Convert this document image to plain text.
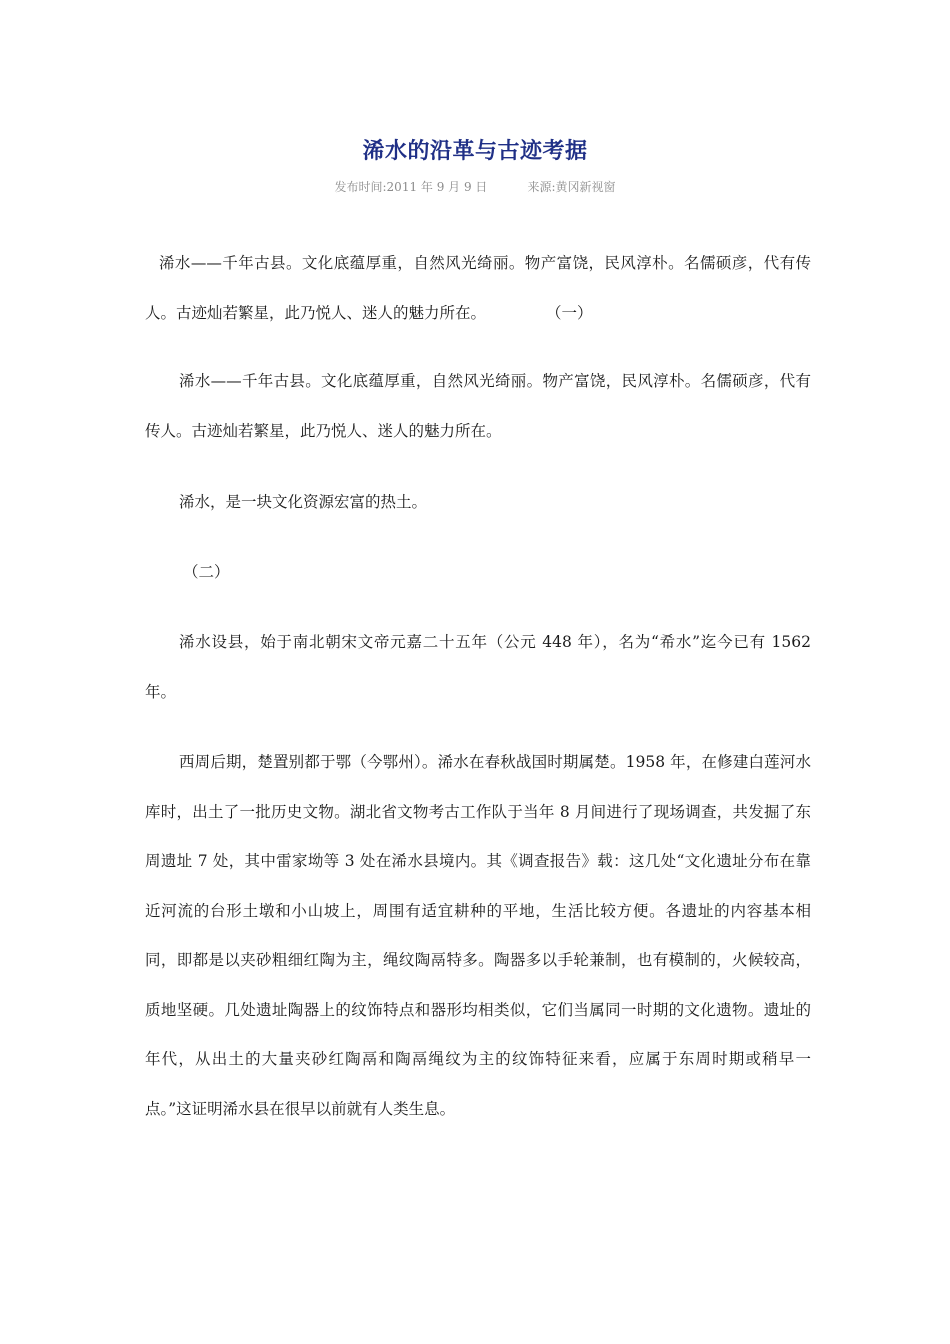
浠水的沿革与古迹考据
发布时间:2011 年 9 月 9 日	来源:黄冈新视窗

浠水——千年古县。文化底蕴厚重，自然风光绮丽。物产富饶，民风淳朴。名儒硕彦，代有传人。古迹灿若繁星，此乃悦人、迷人的魅力所在。	（一）

浠水——千年古县。文化底蕴厚重，自然风光绮丽。物产富饶，民风淳朴。名儒硕彦，代有传人。古迹灿若繁星，此乃悦人、迷人的魅力所在。

浠水，是一块文化资源宏富的热土。

（二）

浠水设县，始于南北朝宋文帝元嘉二十五年（公元 448 年），名为“希水”迄今已有 1562 年。

西周后期，楚置别都于鄂（今鄂州）。浠水在春秋战国时期属楚。1958 年，在修建白莲河水库时，出土了一批历史文物。湖北省文物考古工作队于当年 8 月间进行了现场调查，共发掘了东周遗址 7 处，其中雷家坳等 3 处在浠水县境内。其《调查报告》载：这几处“文化遗址分布在靠近河流的台形土墩和小山坡上，周围有适宜耕种的平地，生活比较方便。各遗址的内容基本相同，即都是以夹砂粗细红陶为主，绳纹陶鬲特多。陶器多以手轮兼制，也有模制的，火候较高，质地坚硬。几处遗址陶器上的纹饰特点和器形均相类似，它们当属同一时期的文化遗物。遗址的年代，从出土的大量夹砂红陶鬲和陶鬲绳纹为主的纹饰特征来看，应属于东周时期或稍早一点。”这证明浠水县在很早以前就有人类生息。
